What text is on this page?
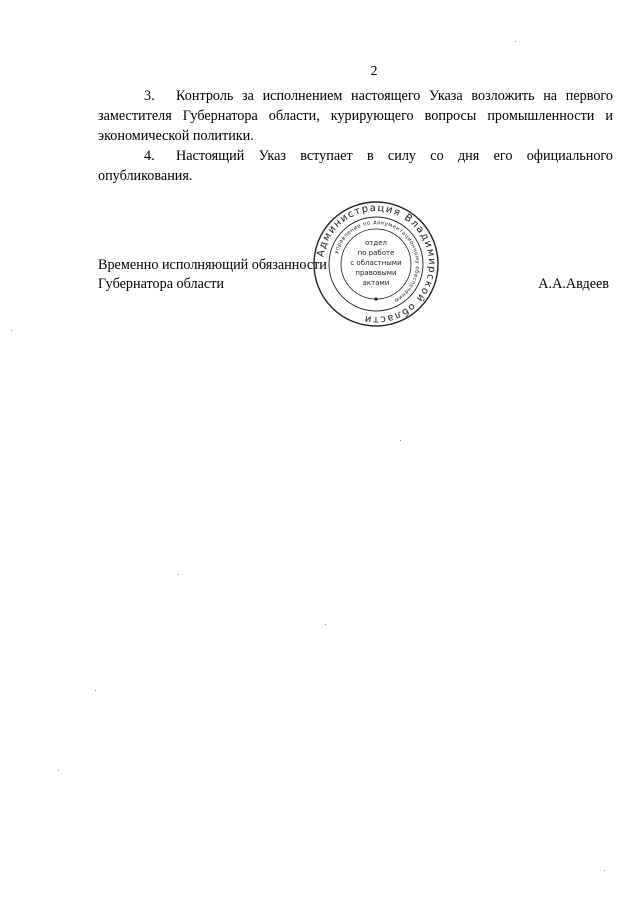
2

3. Контроль за исполнением настоящего Указа возложить на первого заместителя Губернатора области, курирующего вопросы промышленности и экономической политики.

4. Настоящий Указ вступает в силу со дня его официального опубликования.

Временно исполняющий обязанности
Губернатора области	А.А.Авдеев
Администрация Владимирской области
управление по документационному обеспечению
отдел
по работе
с областными
правовыми
актами
